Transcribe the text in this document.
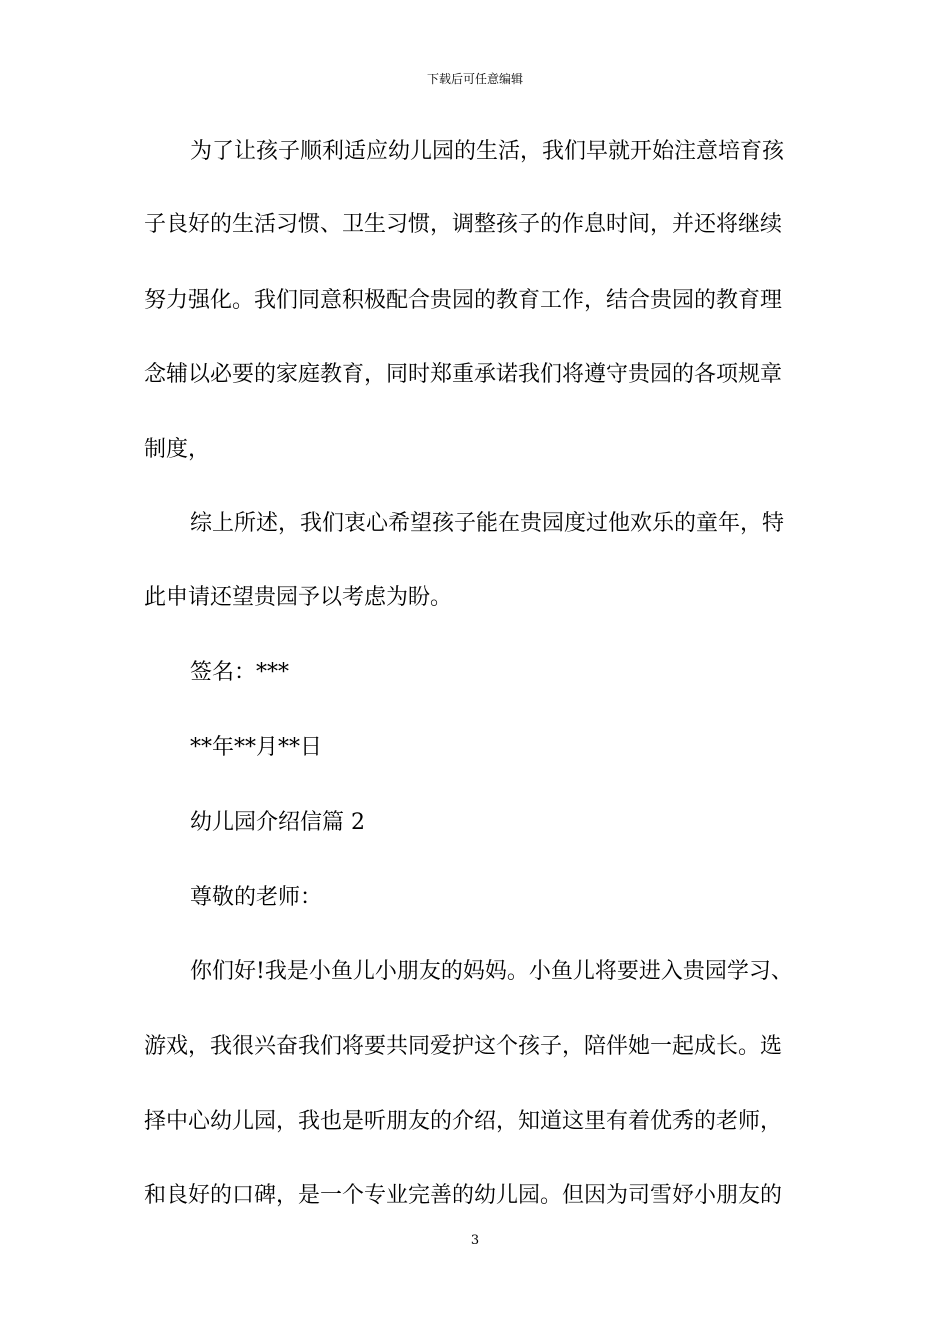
下载后可任意编辑
为了让孩子顺利适应幼儿园的生活，我们早就开始注意培育孩
子良好的生活习惯、卫生习惯，调整孩子的作息时间，并还将继续
努力强化。我们同意积极配合贵园的教育工作，结合贵园的教育理
念辅以必要的家庭教育，同时郑重承诺我们将遵守贵园的各项规章
制度，
综上所述，我们衷心希望孩子能在贵园度过他欢乐的童年，特
此申请还望贵园予以考虑为盼。
签名：***
**年**月**日
幼儿园介绍信篇 2
尊敬的老师：
你们好!我是小鱼儿小朋友的妈妈。小鱼儿将要进入贵园学习、
游戏，我很兴奋我们将要共同爱护这个孩子，陪伴她一起成长。选
择中心幼儿园，我也是听朋友的介绍，知道这里有着优秀的老师，
和良好的口碑，是一个专业完善的幼儿园。但因为司雪妤小朋友的
3
